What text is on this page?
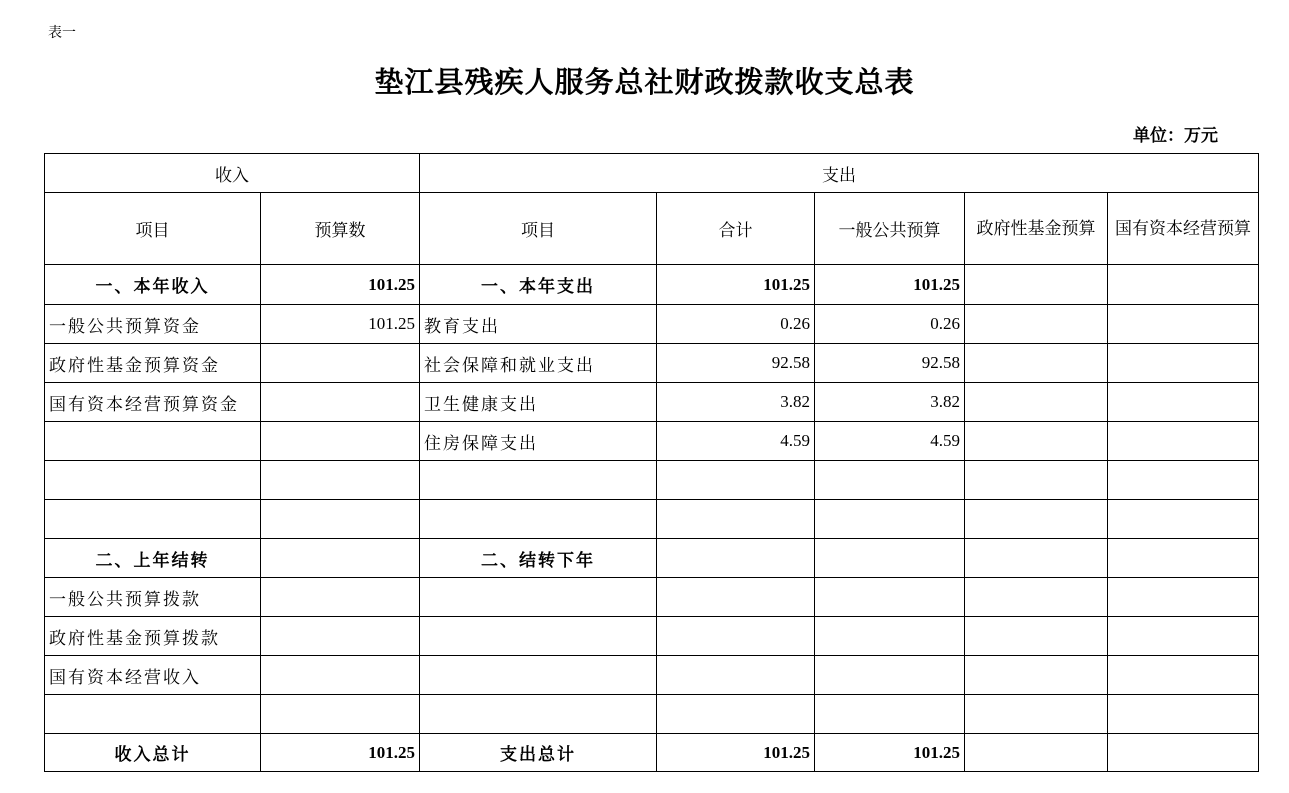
表一
垫江县残疾人服务总社财政拨款收支总表
单位：万元
收入		支出				
项目	预算数	项目	合计	一般公共预算	政府性基金预算	国有资本经营预算
一、本年收入	101.25	一、本年支出	101.25	101.25		
一般公共预算资金	101.25	教育支出	0.26	0.26		
政府性基金预算资金		社会保障和就业支出	92.58	92.58		
国有资本经营预算资金		卫生健康支出	3.82	3.82		
		住房保障支出	4.59	4.59		

二、上年结转		二、结转下年				
一般公共预算拨款						
政府性基金预算拨款						
国有资本经营收入						

收入总计	101.25	支出总计	101.25	101.25		
